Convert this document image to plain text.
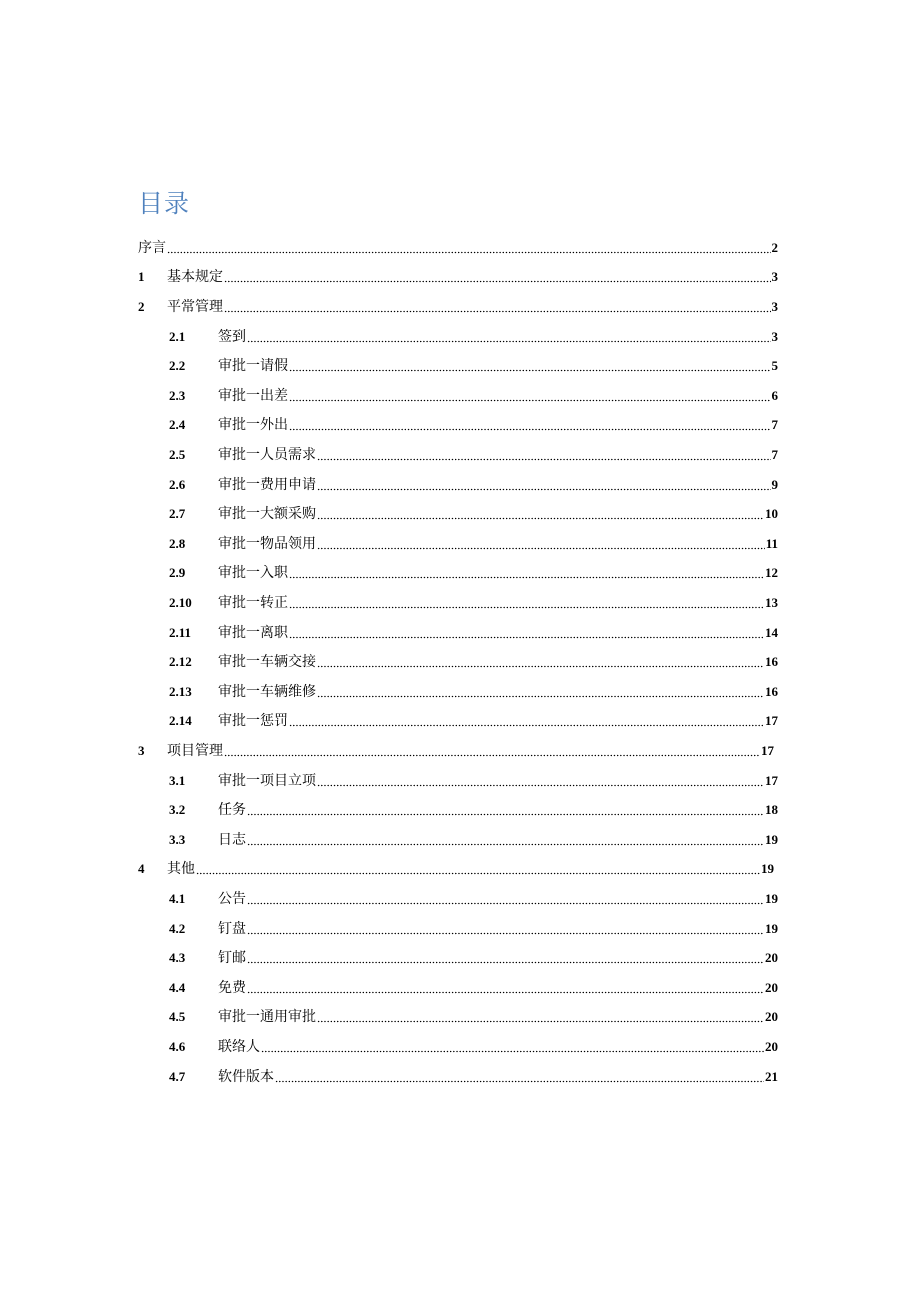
目录
序言	2
1	基本规定	3
2	平常管理	3
2.1	签到	3
2.2	审批一请假	5
2.3	审批一出差	6
2.4	审批一外出	7
2.5	审批一人员需求	7
2.6	审批一费用申请	9
2.7	审批一大额采购	10
2.8	审批一物品领用	11
2.9	审批一入职	12
2.10	审批一转正	13
2.11	审批一离职	14
2.12	审批一车辆交接	16
2.13	审批一车辆维修	16
2.14	审批一惩罚	17
3	项目管理	17
3.1	审批一项目立项	17
3.2	任务	18
3.3	日志	19
4	其他	19
4.1	公告	19
4.2	钉盘	19
4.3	钉邮	20
4.4	免费	20
4.5	审批一通用审批	20
4.6	联络人	20
4.7	软件版本	21
